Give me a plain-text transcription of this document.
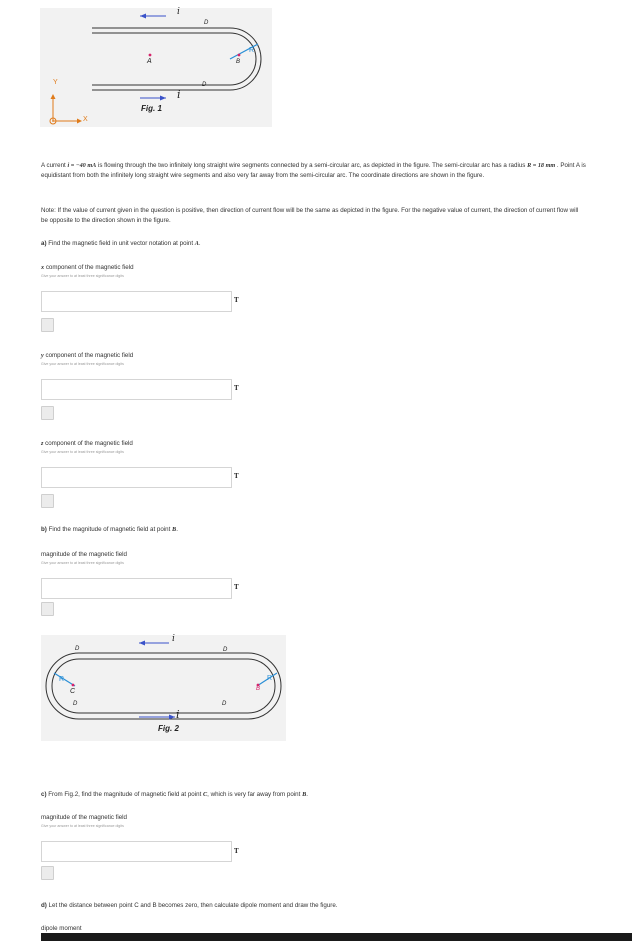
i
i
D
D
A	B
R
Fig. 1
Y
X
A current i = −40 mA is flowing through the two infinitely long straight wire segments connected by a semi-circular arc, as depicted in the figure. The semi-circular arc has a radius R = 18 mm . Point A is equidistant from both the infinitely long straight wire segments and also very far away from the semi-circular arc. The coordinate directions are shown in the figure.
Note: If the value of current given in the question is positive, then direction of current flow will be the same as depicted in the figure. For the negative value of current, the direction of current flow will be opposite to the direction shown in the figure.
a) Find the magnetic field in unit vector notation at point A.
x component of the magnetic field
Give your answer to at least three significance digits
T
y component of the magnetic field
Give your answer to at least three significance digits
T
z component of the magnetic field
Give your answer to at least three significance digits
T
b) Find the magnitude of magnetic field at point B.
magnitude of the magnetic field
Give your answer to at least three significance digits
T
i
i
D	D
D	D
R	R
C	B
Fig. 2
c) From Fig.2, find the magnitude of magnetic field at point C, which is very far away from point B.
magnitude of the magnetic field
Give your answer to at least three significance digits
T
d) Let the distance between point C and B becomes zero, then calculate dipole moment and draw the figure.
dipole moment
